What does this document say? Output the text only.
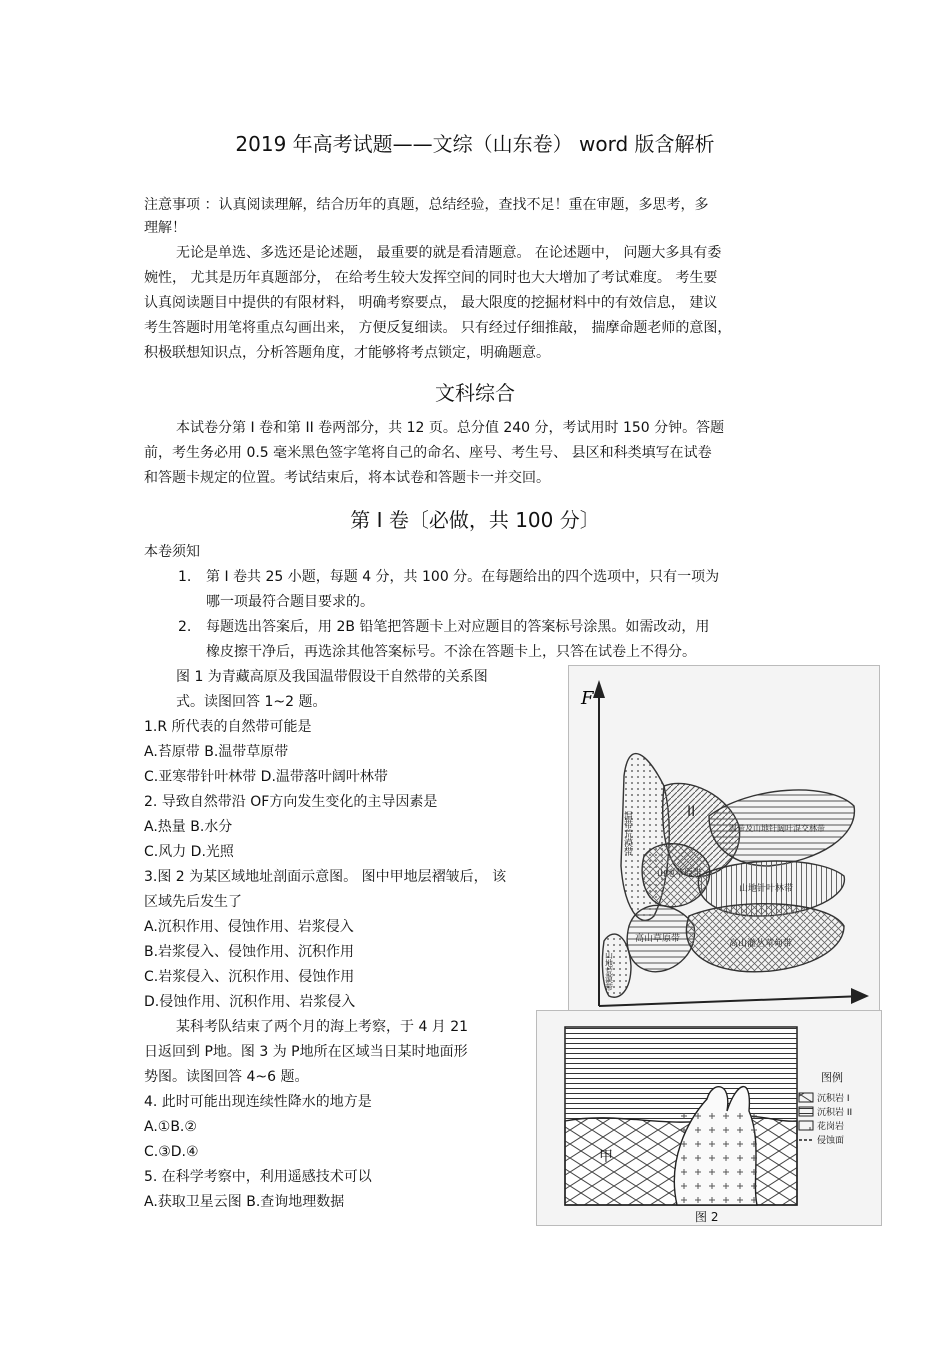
2019 年高考试题——文综（山东卷） word 版含解析
注意事项 ：认真阅读理解，结合历年的真题，总结经验，查找不足！重在审题，多思考，多
理解！
无论是单选、多选还是论述题， 最重要的就是看清题意。 在论述题中， 问题大多具有委
婉性， 尤其是历年真题部分， 在给考生较大发挥空间的同时也大大增加了考试难度。 考生要
认真阅读题目中提供的有限材料， 明确考察要点， 最大限度的挖掘材料中的有效信息， 建议
考生答题时用笔将重点勾画出来， 方便反复细读。 只有经过仔细推敲， 揣摩命题老师的意图，
积极联想知识点，分析答题角度，才能够将考点锁定，明确题意。
文科综合
本试卷分第 I 卷和第 II 卷两部分，共 12 页。总分值 240 分，考试用时 150 分钟。答题
前，考生务必用 0.5 毫米黑色签字笔将自己的命名、座号、考生号、 县区和科类填写在试卷
和答题卡规定的位置。考试结束后，将本试卷和答题卡一并交回。
第 I 卷〔必做，共 100 分〕
本卷须知
1. 第 I 卷共 25 小题，每题 4 分，共 100 分。在每题给出的四个选项中，只有一项为
哪一项最符合题目要求的。
2. 每题选出答案后，用 2B 铅笔把答题卡上对应题目的答案标号涂黑。如需改动，用
橡皮擦干净后，再选涂其他答案标号。不涂在答题卡上，只答在试卷上不得分。
图 1 为青藏高原及我国温带假设干自然带的关系图
式。读图回答 1~2 题。
1.R 所代表的自然带可能是
A.苔原带 B.温带草原带
C.亚寒带针叶林带 D.温带落叶阔叶林带
2. 导致自然带沿 OF方向发生变化的主导因素是
A.热量 B.水分
C.风力 D.光照
3.图 2 为某区域地址剖面示意图。 图中甲地层褶皱后， 该
区域先后发生了
A.沉积作用、侵蚀作用、岩浆侵入
B.岩浆侵入、侵蚀作用、沉积作用
C.岩浆侵入、沉积作用、侵蚀作用
D.侵蚀作用、沉积作用、岩浆侵入
某科考队结束了两个月的海上考察，于 4 月 21
日返回到 P地。图 3 为 P地所在区域当日某时地面形
势图。读图回答 4~6 题。
4. 此时可能出现连续性降水的地方是
A.①B.②
C.③D.④
5. 在科学考察中，利用遥感技术可以
A.获取卫星云图 B.查询地理数据
F
温带荒漠带	II
温带及山地针阔叶混交林带
山地草原带
山地针叶林带
高山草原带	高山灌丛草甸带
山地荒漠带
甲
图例
沉积岩 I
沉积岩 II
花岗岩
侵蚀面
图 2
